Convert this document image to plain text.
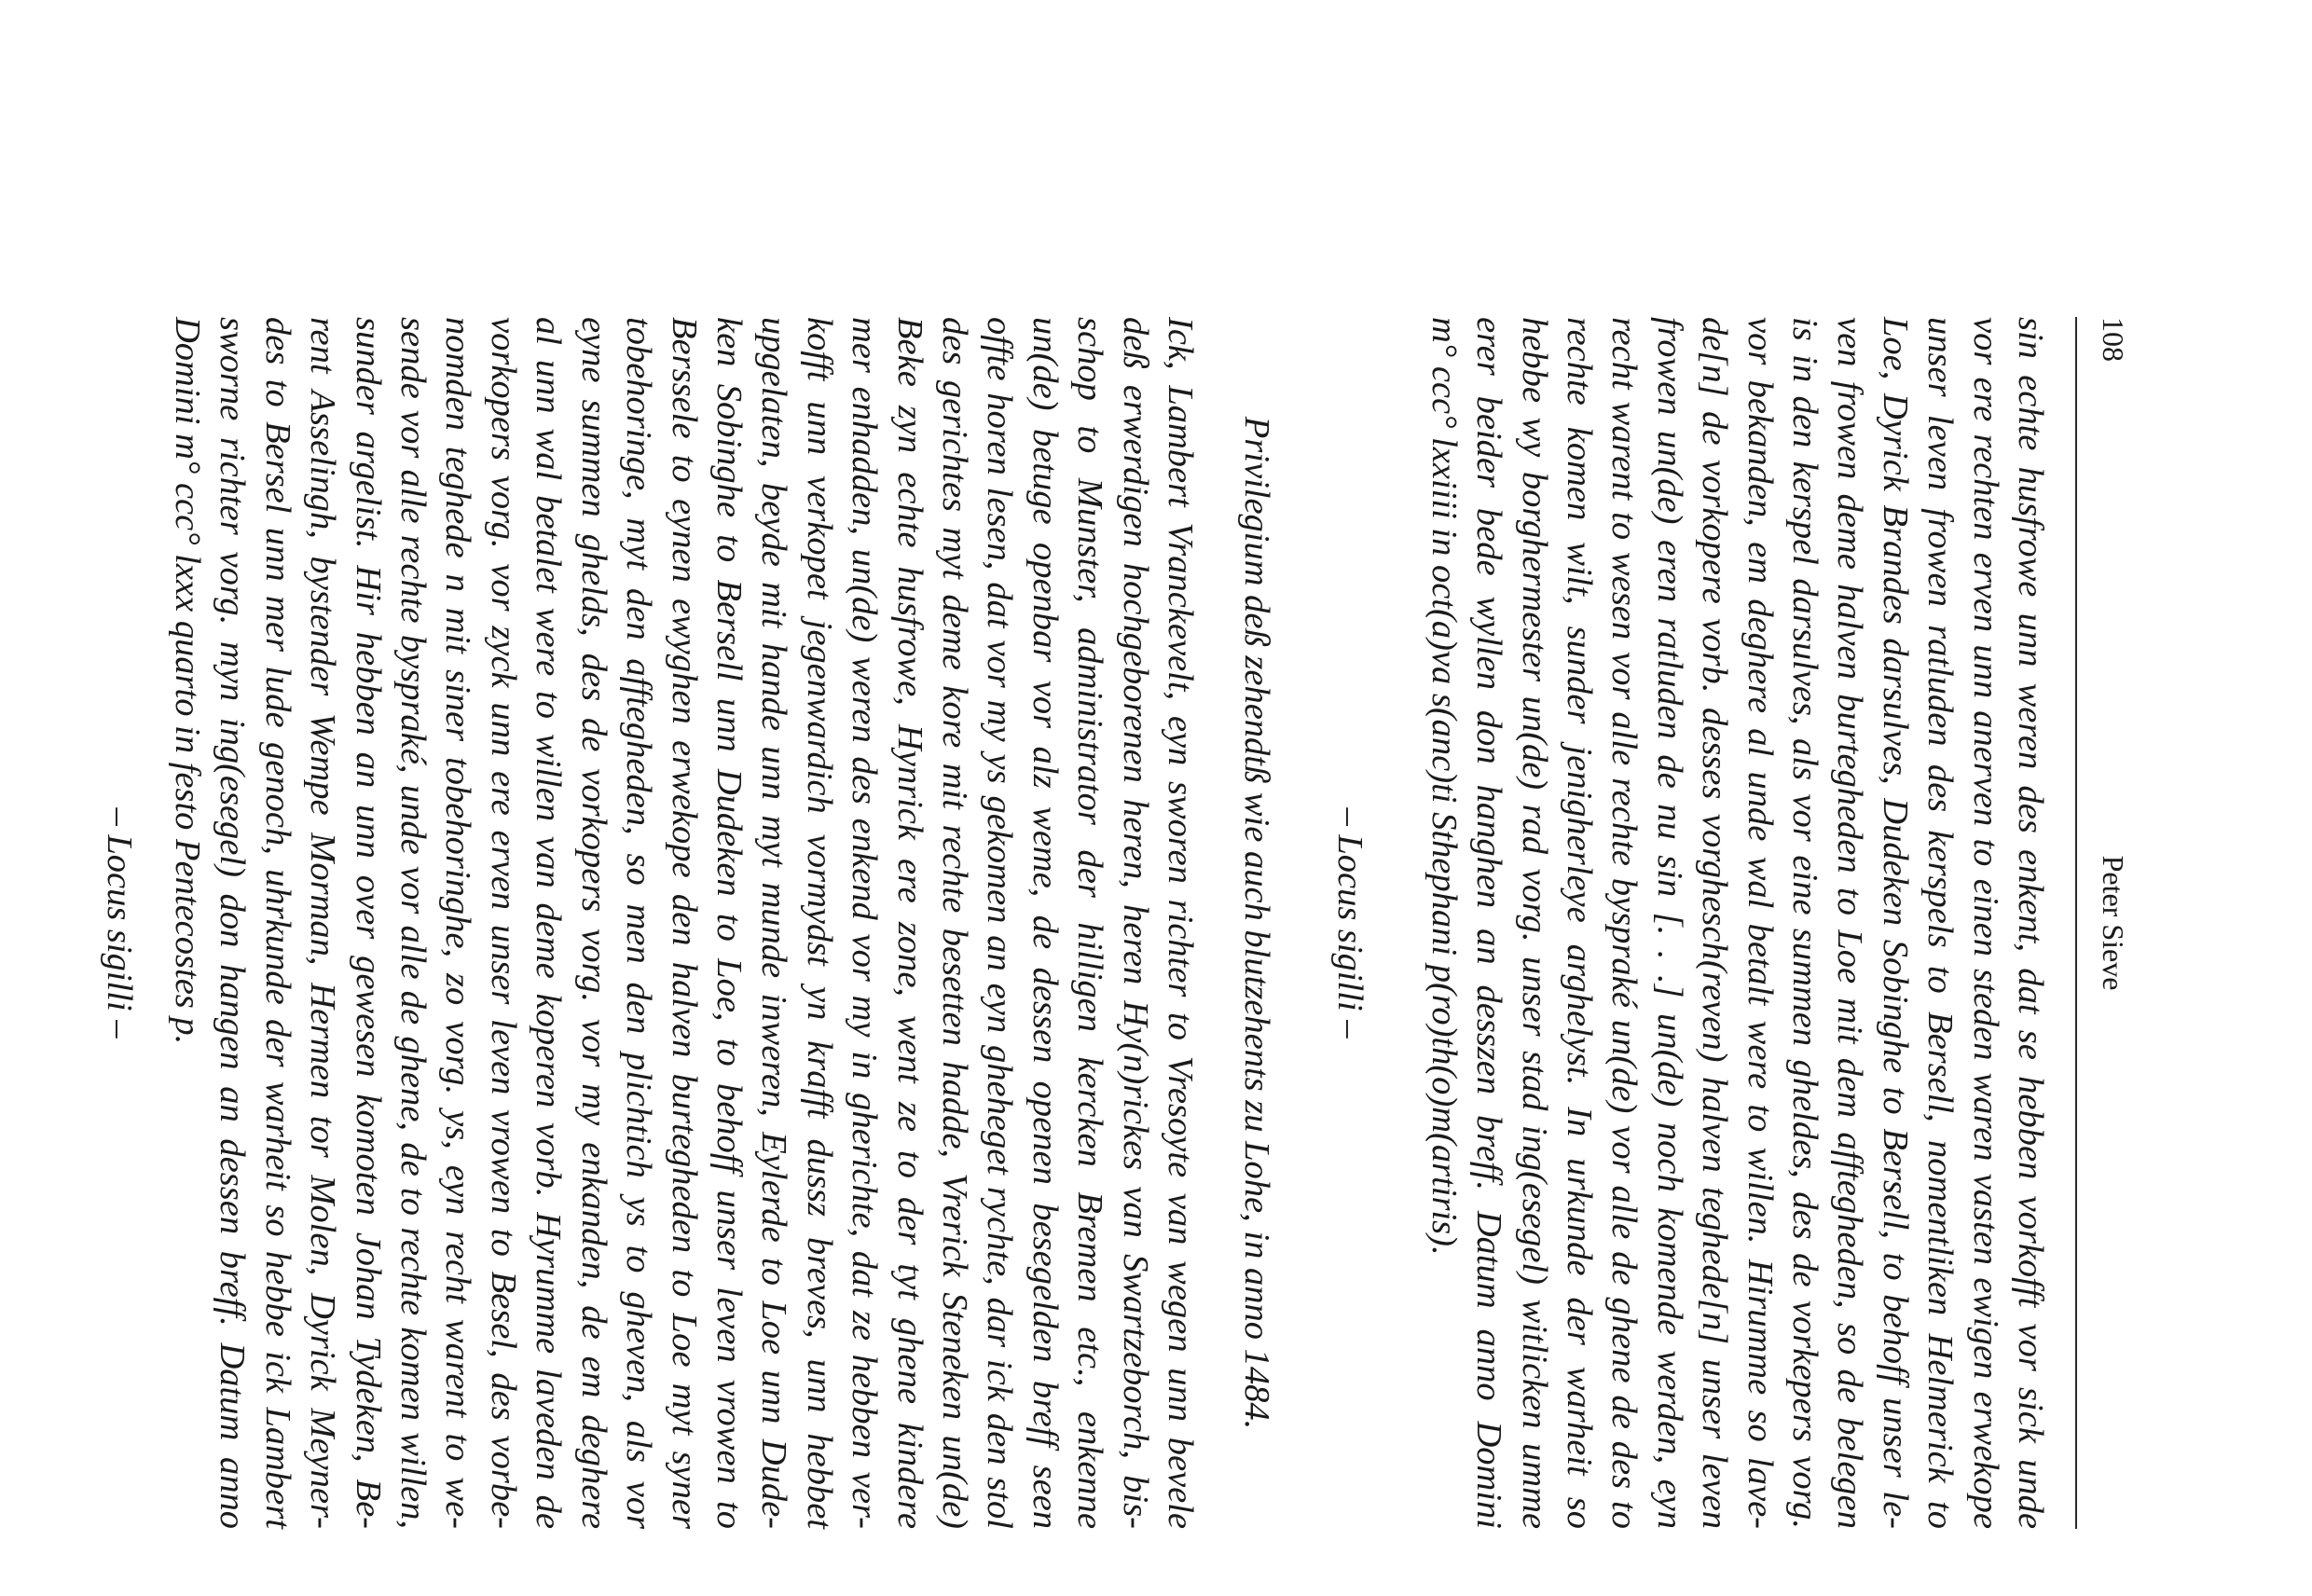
108
Peter Sieve
sin echte husfrowe unn weren des enkent, dat se hebben vorkofft vor sick unde
vor ere rechten erven unn anerven to einen steden waren vasten ewigen erwekope
unser leven frowen ratluden des kerspels to Bersell, nomentliken Helmerick to
Loe, Dyrick Brandes darsulves, Dudeken Sobinghe to Bersell, to behoff unser le-
ven frowen deme halven burtegheden to Loe mit dem afftegheden, so de belegen
is in den kerspel darsulves, als vor eine summen gheldes, des de vorkepers vorg.
vor bekanden, em deghere al unde wal betalt were to willen. Hirumme so lave-
de[n] de vorkopere vorb. desses vorghesch(reven) halven teghede[n] unser leven
frowen un(de) eren ratluden de nu sin [. . .] un(de) noch komende werden, eyn
recht warent to wesen vor alle rechte byspraké un(de) vor alle de ghene de des to
rechte komen wilt, sunder jenigherleye arghelyst. In urkunde der warheit so
hebbe wy borghermester un(de) rad vorg. unser stad ing(esegel) witlicken umme
erer beider bede wyllen don hanghen an desszen breff. Datum anno Domini
m° ccc° lxxiiii in oct(a)va s(anc)ti Sthephani p(ro)th(o)m(artiris).
– Locus sigilli –
Privilegium deß zehendtß wie auch blutzehents zu Lohe, in anno 1484.
Ick, Lambert Vranckevelt, eyn sworen richter to Vresoyte van wegen unn bevele
deß erwerdigen hochgeborenen heren, heren Hy(n)rickes van Swartzeborch, bis-
schop to Munster, administrator der hilligen kercken Bremen etc., enkenne
un(de) betuge openbar vor alz weme, de dessen openen besegelden breff seen
offte horen lesen, dat vor my ys gekomen an eyn gheheget rychte, dar ick den stol
des gerichtes myt deme kore mit rechte besetten hadde, Vrerick Steneken un(de)
Beke zyn echte husfrowe, Hynrick ere zone, went ze to der tyt ghene kindere
mer enhadden, un(de) weren des enkend vor my in gherichte, dat ze hebben ver-
kofft unn verkopet jegenwardich vormydst yn krafft dussz breves, unn hebbet
upgelaten, beyde mit hande unn myt munde inweren, Eylerde to Loe unn Dude-
ken Sobinghe to Bersell unn Dudeken to Loe, to behoff unser leven vrowen to
Berssele to eynen ewyghen erwekope den halven burtegheden to Loe myt syner
tobehoringe, myt den afftegheden, so men den plichtich ys to gheven, als vor
eyne summen ghelds, des de vorkopers vorg. vor my enkanden, de em deghere
al unn wal betalet were to willen van deme koperen vorb. Hyrumme laveden de
vorkopers vorg. vor zyck unn ere erven unser leven vrowen to Besel, des vorbe-
nomden teghede n mit siner tobehoringhe, zo vorg. ys, eyn recht warent to we-
sende vor alle rechte byspraké, unde vor alle de ghene, de to rechte komen willen,
sunder argelist. Hir hebben an unn over gewesen komoten Johan Tydeken, Be-
rent Asselingh, bystender Wempe Morman, Hermen tor Molen, Dyrick Meyner-
des to Bersel unn mer lude genoch, uhrkunde der warheit so hebbe ick Lambert
sworne richter vorg. myn ing(esegel) don hangen an dessen breff. Datum anno
Domini m° ccc° lxxx quarto in festo Pentecostes p.
– Locus sigilli –
